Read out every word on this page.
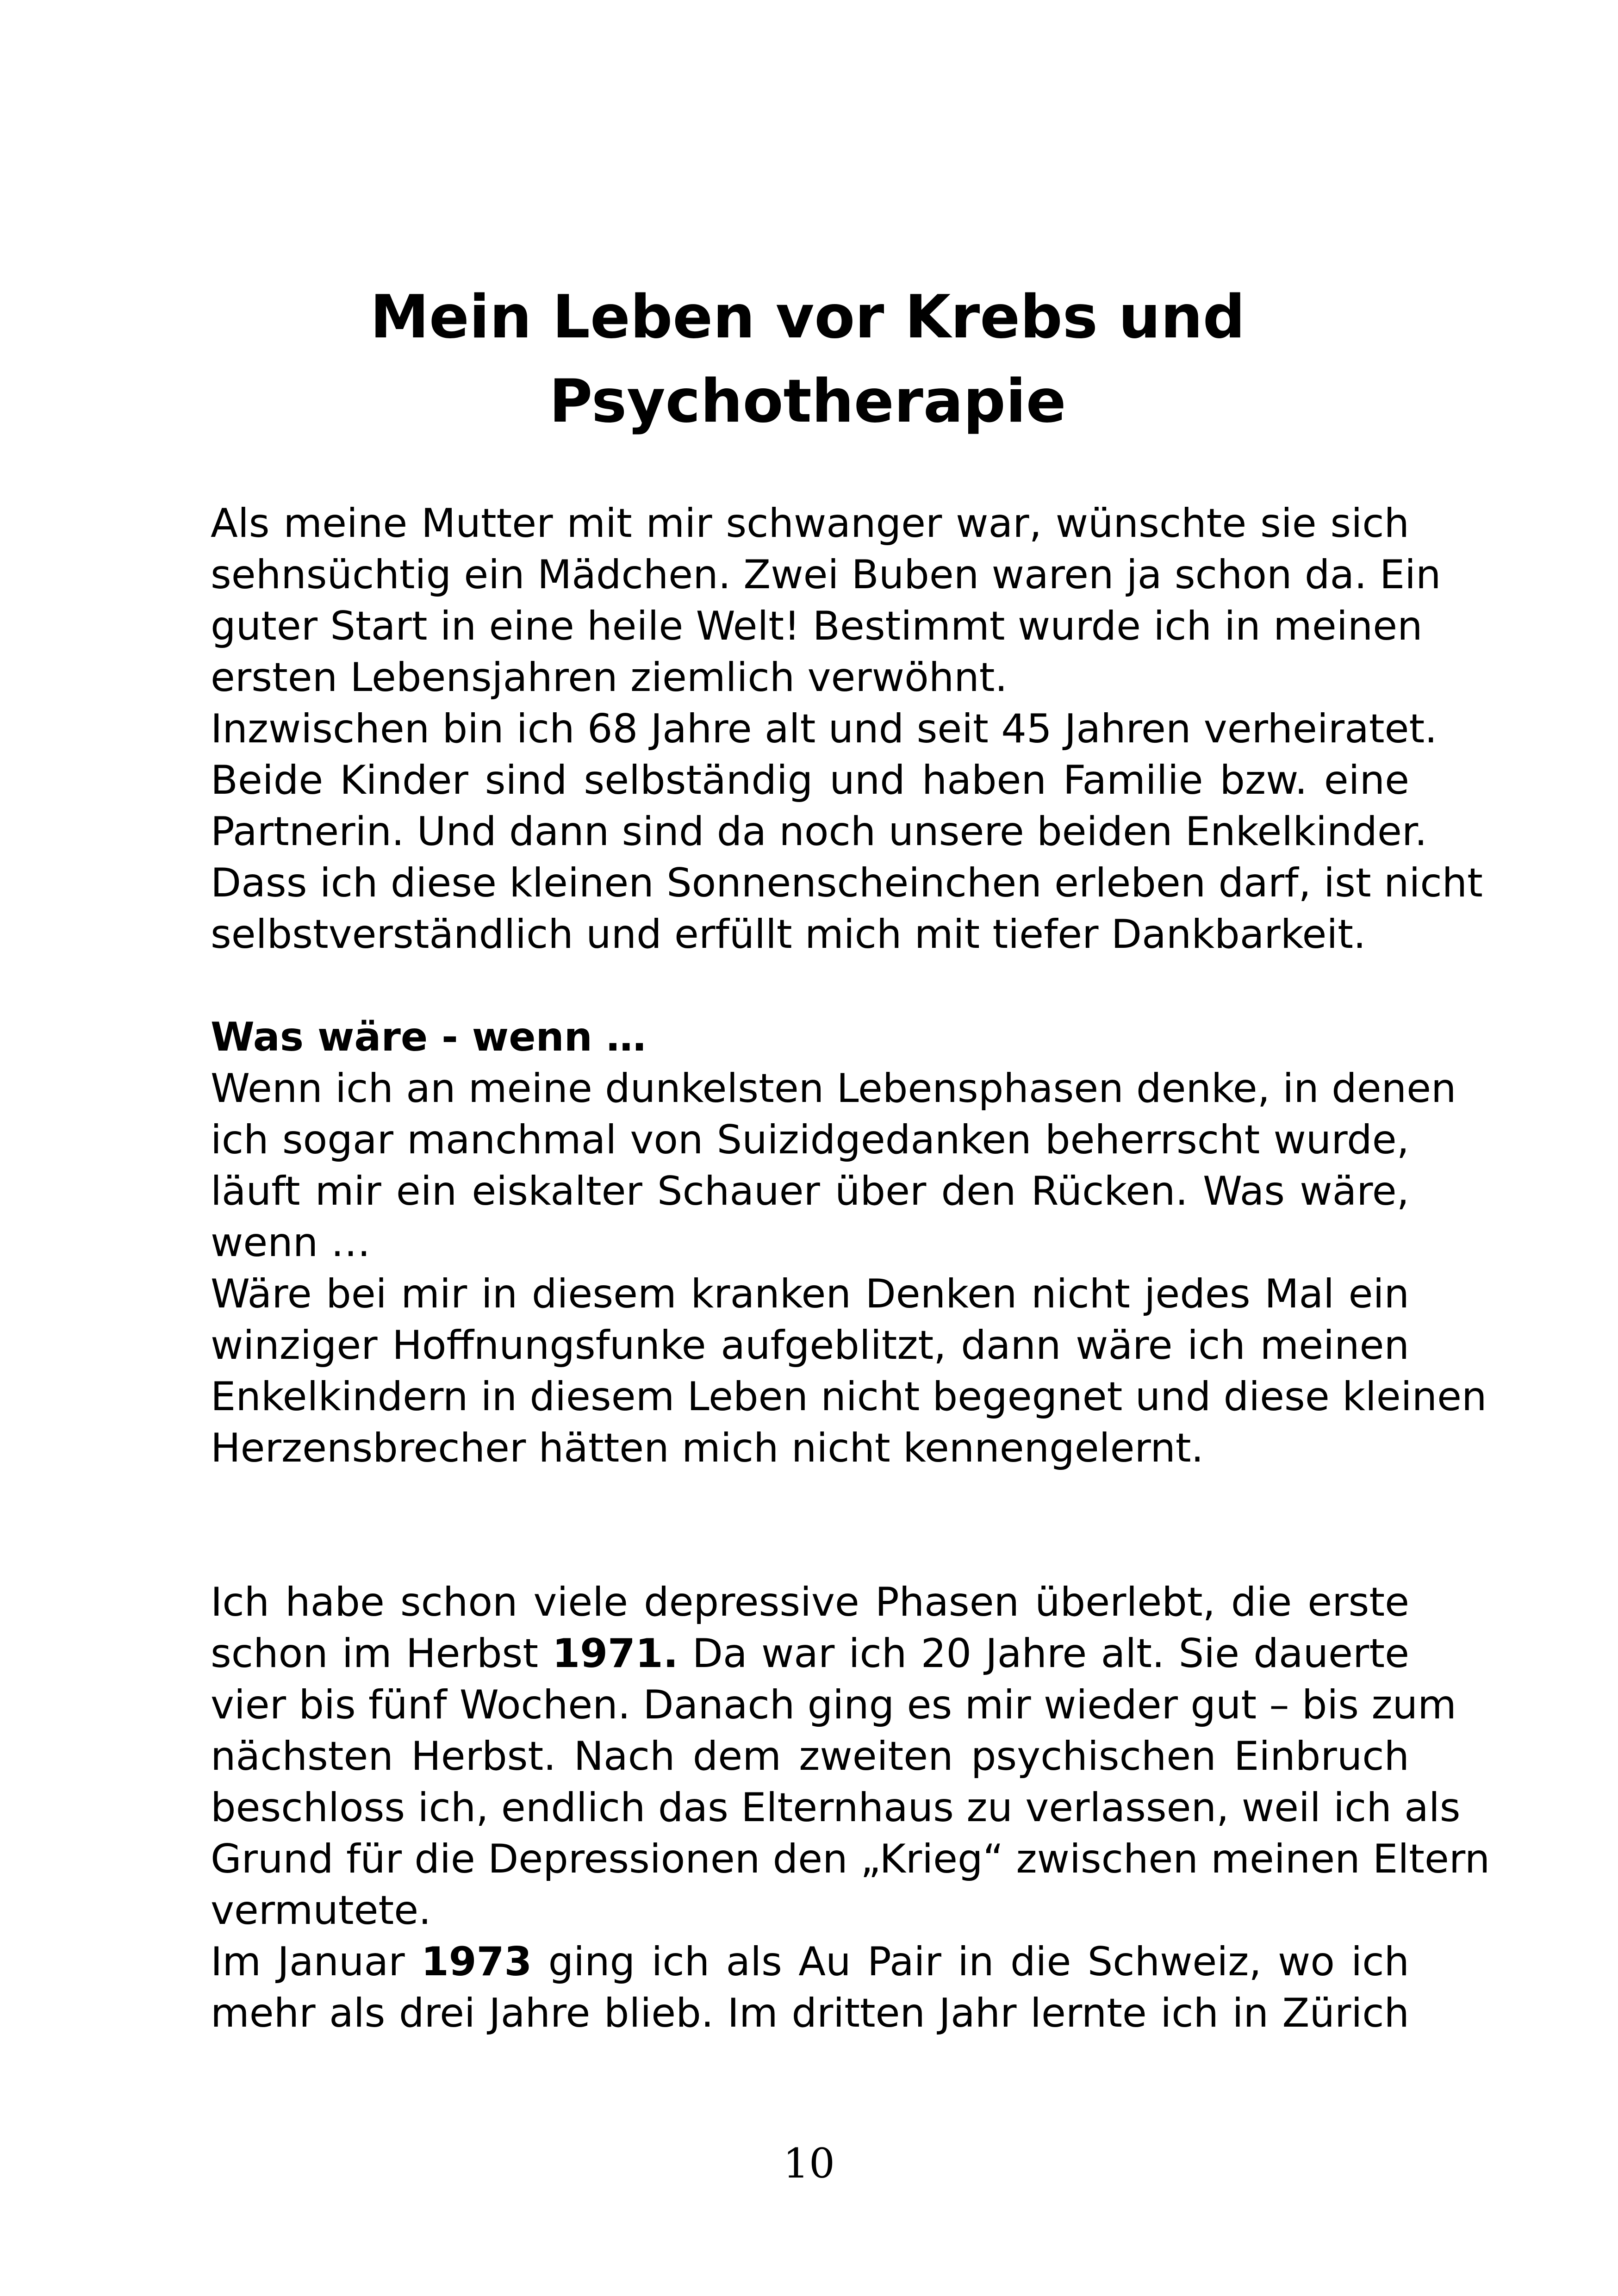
Mein Leben vor Krebs und
Psychotherapie
Als meine Mutter mit mir schwanger war, wünschte sie sich
sehnsüchtig ein Mädchen. Zwei Buben waren ja schon da. Ein
guter Start in eine heile Welt! Bestimmt wurde ich in meinen
ersten Lebensjahren ziemlich verwöhnt.
Inzwischen bin ich 68 Jahre alt und seit 45 Jahren verheiratet.
Beide Kinder sind selbständig und haben Familie bzw. eine
Partnerin. Und dann sind da noch unsere beiden Enkelkinder.
Dass ich diese kleinen Sonnenscheinchen erleben darf, ist nicht
selbstverständlich und erfüllt mich mit tiefer Dankbarkeit.
Was wäre - wenn …
Wenn ich an meine dunkelsten Lebensphasen denke, in denen
ich sogar manchmal von Suizidgedanken beherrscht wurde,
läuft mir ein eiskalter Schauer über den Rücken. Was wäre,
wenn …
Wäre bei mir in diesem kranken Denken nicht jedes Mal ein
winziger Hoffnungsfunke aufgeblitzt, dann wäre ich meinen
Enkelkindern in diesem Leben nicht begegnet und diese kleinen
Herzensbrecher hätten mich nicht kennengelernt.
Ich habe schon viele depressive Phasen überlebt, die erste
schon im Herbst 1971. Da war ich 20 Jahre alt. Sie dauerte
vier bis fünf Wochen. Danach ging es mir wieder gut – bis zum
nächsten Herbst. Nach dem zweiten psychischen Einbruch
beschloss ich, endlich das Elternhaus zu verlassen, weil ich als
Grund für die Depressionen den „Krieg“ zwischen meinen Eltern
vermutete.
Im Januar 1973 ging ich als Au Pair in die Schweiz, wo ich
mehr als drei Jahre blieb. Im dritten Jahr lernte ich in Zürich
10
